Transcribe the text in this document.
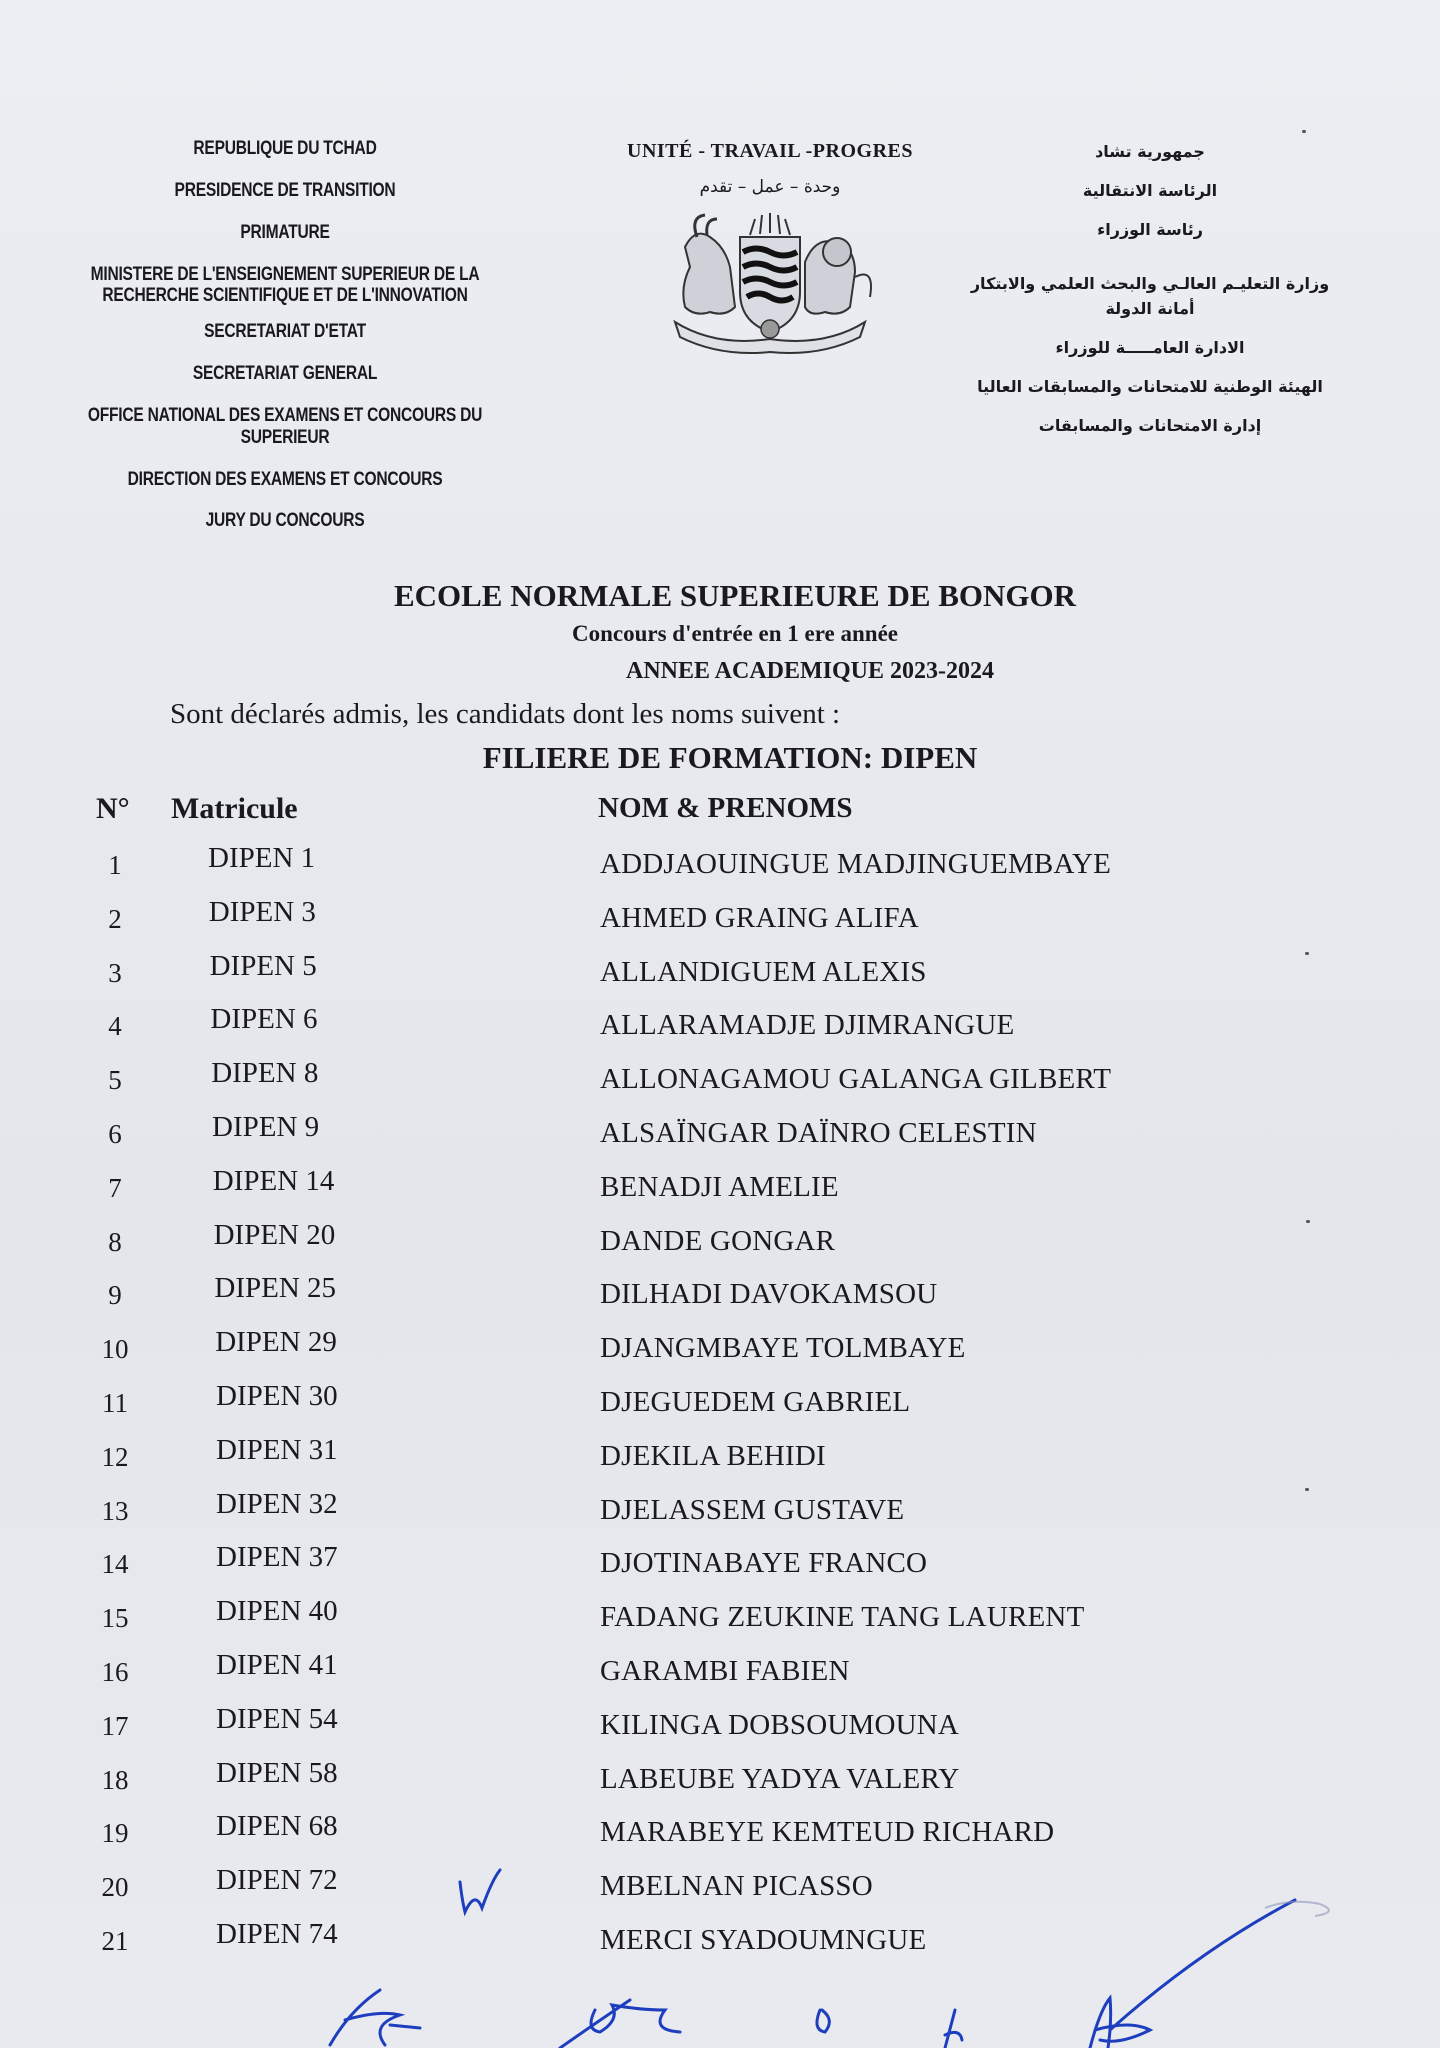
REPUBLIQUE DU TCHAD
PRESIDENCE DE TRANSITION
PRIMATURE
MINISTERE DE L'ENSEIGNEMENT SUPERIEUR DE LA RECHERCHE SCIENTIFIQUE ET DE L'INNOVATION
SECRETARIAT D'ETAT
SECRETARIAT GENERAL
OFFICE NATIONAL DES EXAMENS ET CONCOURS DU SUPERIEUR
DIRECTION DES EXAMENS ET CONCOURS
JURY DU CONCOURS
UNITÉ - TRAVAIL -PROGRES
وحدة – عمل – تقدم
جمهورية تشاد
الرئاسة الانتقالية
رئاسة الوزراء
وزارة التعليـم العالـي والبحث العلمي والابتكار
أمانة الدولة
الادارة العامـــــة للوزراء
الهيئة الوطنية للامتحانات والمسابقات العاليا
إدارة الامتحانات والمسابقات
ECOLE NORMALE SUPERIEURE DE BONGOR
Concours d'entrée en 1 ere année
ANNEE ACADEMIQUE 2023-2024
Sont déclarés admis, les candidats dont les noms suivent :
FILIERE DE FORMATION: DIPEN
N° Matricule	NOM & PRENOMS
1	DIPEN 1	ADDJAOUINGUE MADJINGUEMBAYE
2	DIPEN 3	AHMED GRAING ALIFA
3	DIPEN 5	ALLANDIGUEM ALEXIS
4	DIPEN 6	ALLARAMADJE DJIMRANGUE
5	DIPEN 8	ALLONAGAMOU GALANGA GILBERT
6	DIPEN 9	ALSAÏNGAR DAÏNRO CELESTIN
7	DIPEN 14	BENADJI AMELIE
8	DIPEN 20	DANDE GONGAR
9	DIPEN 25	DILHADI DAVOKAMSOU
10	DIPEN 29	DJANGMBAYE TOLMBAYE
11	DIPEN 30	DJEGUEDEM GABRIEL
12	DIPEN 31	DJEKILA BEHIDI
13	DIPEN 32	DJELASSEM GUSTAVE
14	DIPEN 37	DJOTINABAYE FRANCO
15	DIPEN 40	FADANG ZEUKINE TANG LAURENT
16	DIPEN 41	GARAMBI FABIEN
17	DIPEN 54	KILINGA DOBSOUMOUNA
18	DIPEN 58	LABEUBE YADYA VALERY
19	DIPEN 68	MARABEYE KEMTEUD RICHARD
20	DIPEN 72	MBELNAN PICASSO
21	DIPEN 74	MERCI SYADOUMNGUE
